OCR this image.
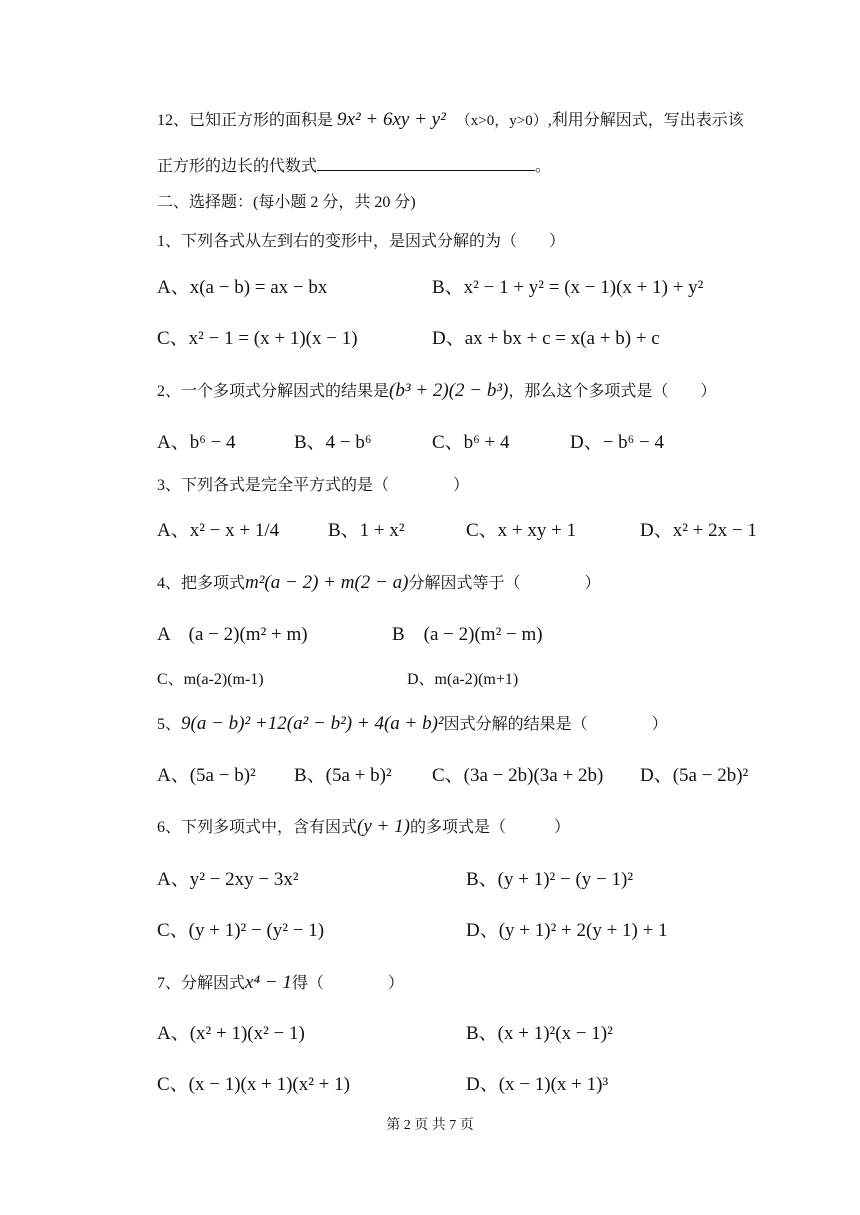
12、已知正方形的面积是 9x² + 6xy + y² （x>0，y>0）,利用分解因式，写出表示该
正方形的边长的代数式	。
二、选择题：(每小题 2 分，共 20 分)
1、下列各式从左到右的变形中，是因式分解的为（　　）
A、x(a − b) = ax − bx	B、x² − 1 + y² = (x − 1)(x + 1) + y²
C、x² − 1 = (x + 1)(x − 1)	D、ax + bx + c = x(a + b) + c
2、一个多项式分解因式的结果是(b³ + 2)(2 − b³)，那么这个多项式是（　　）
A、b⁶ − 4	B、4 − b⁶	C、b⁶ + 4	D、− b⁶ − 4
3、下列各式是完全平方式的是（　　　　）
A、x² − x + 1/4	B、1 + x²	C、x + xy + 1	D、x² + 2x − 1
4、把多项式m²(a − 2) + m(2 − a)分解因式等于（　　　　）
A　(a − 2)(m² + m)	B　(a − 2)(m² − m)
C、m(a-2)(m-1)	D、m(a-2)(m+1)
5、9(a − b)² +12(a² − b²) + 4(a + b)²因式分解的结果是（　　　　）
A、(5a − b)² B、(5a + b)² C、(3a − 2b)(3a + 2b) D、(5a − 2b)²
6、下列多项式中，含有因式(y + 1)的多项式是（　　　）
A、y² − 2xy − 3x²	B、(y + 1)² − (y − 1)²
C、(y + 1)² − (y² − 1)	D、(y + 1)² + 2(y + 1) + 1
7、分解因式x⁴ − 1得（　　　　）
A、(x² + 1)(x² − 1)	B、(x + 1)²(x − 1)²
C、(x − 1)(x + 1)(x² + 1)	D、(x − 1)(x + 1)³
第 2 页 共 7 页
